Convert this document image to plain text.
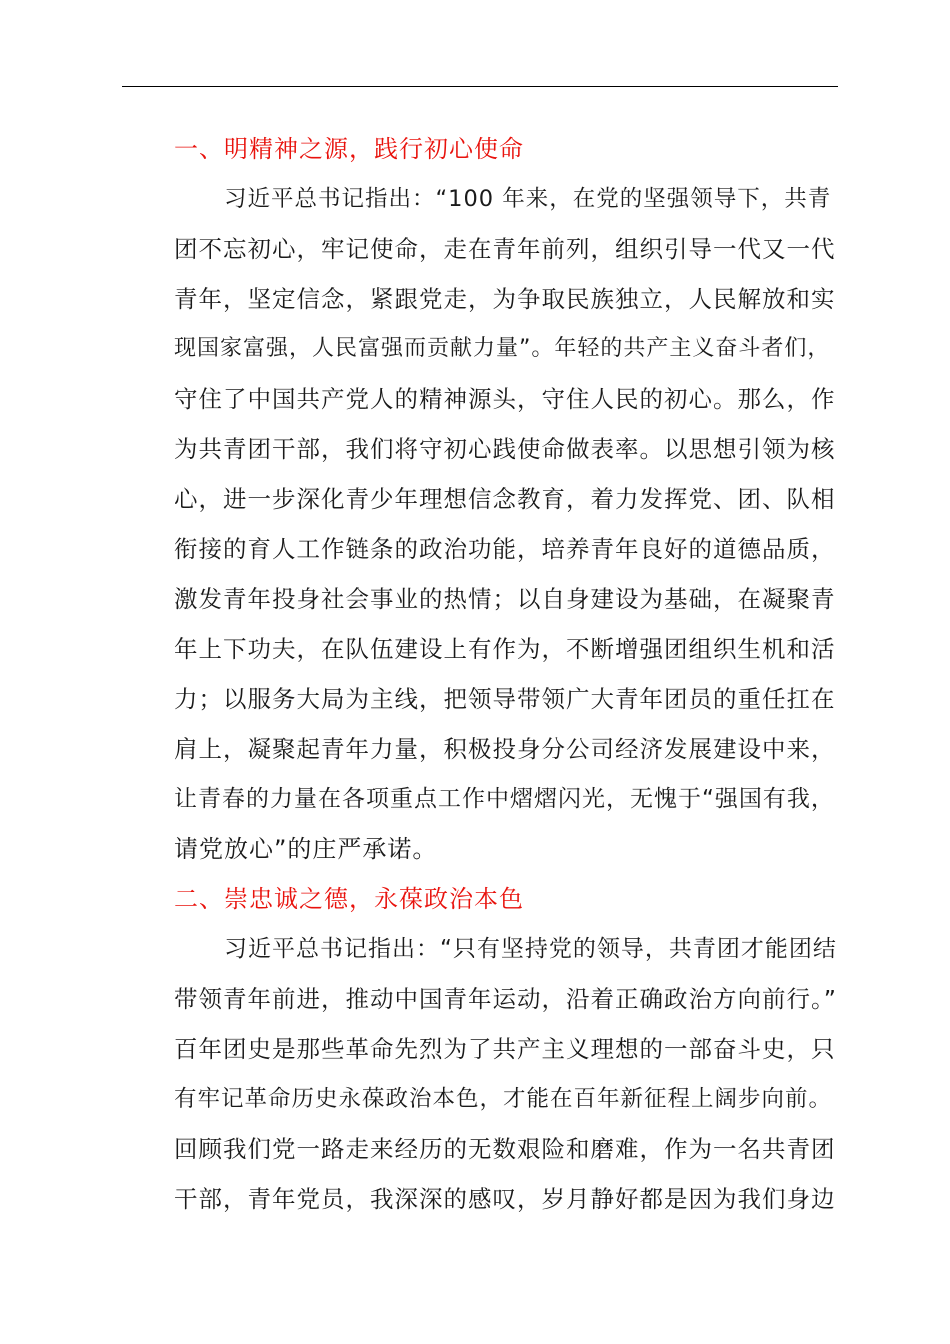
一、明精神之源，践行初心使命
习近平总书记指出：“100 年来，在党的坚强领导下，共青
团不忘初心，牢记使命，走在青年前列，组织引导一代又一代
青年，坚定信念，紧跟党走，为争取民族独立，人民解放和实
现国家富强，人民富强而贡献力量”。年轻的共产主义奋斗者们，
守住了中国共产党人的精神源头，守住人民的初心。那么，作
为共青团干部，我们将守初心践使命做表率。以思想引领为核
心，进一步深化青少年理想信念教育，着力发挥党、团、队相
衔接的育人工作链条的政治功能，培养青年良好的道德品质，
激发青年投身社会事业的热情；以自身建设为基础，在凝聚青
年上下功夫，在队伍建设上有作为，不断增强团组织生机和活
力；以服务大局为主线，把领导带领广大青年团员的重任扛在
肩上，凝聚起青年力量，积极投身分公司经济发展建设中来，
让青春的力量在各项重点工作中熠熠闪光，无愧于“强国有我，
请党放心”的庄严承诺。
二、崇忠诚之德，永葆政治本色
习近平总书记指出：“只有坚持党的领导，共青团才能团结
带领青年前进，推动中国青年运动，沿着正确政治方向前行。”
百年团史是那些革命先烈为了共产主义理想的一部奋斗史，只
有牢记革命历史永葆政治本色，才能在百年新征程上阔步向前。
回顾我们党一路走来经历的无数艰险和磨难，作为一名共青团
干部，青年党员，我深深的感叹，岁月静好都是因为我们身边
